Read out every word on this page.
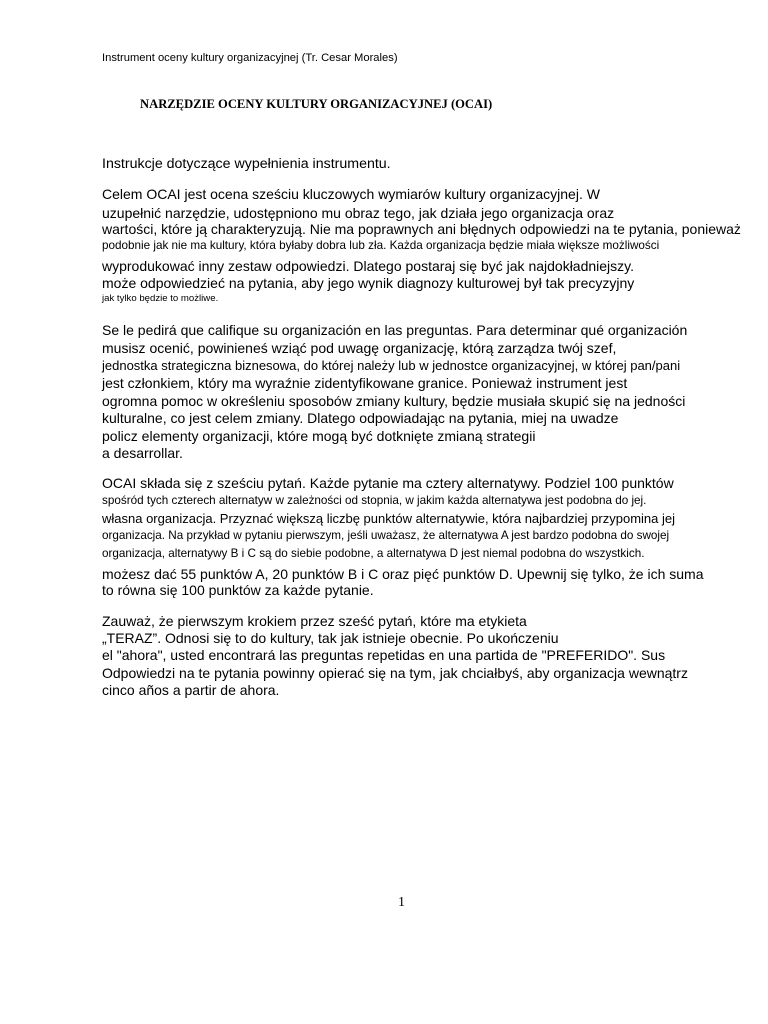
Instrument oceny kultury organizacyjnej (Tr. Cesar Morales)
NARZĘDZIE OCENY KULTURY ORGANIZACYJNEJ (OCAI)
Instrukcje dotyczące wypełnienia instrumentu.
Celem OCAI jest ocena sześciu kluczowych wymiarów kultury organizacyjnej. W
uzupełnić narzędzie, udostępniono mu obraz tego, jak działa jego organizacja oraz
wartości, które ją charakteryzują. Nie ma poprawnych ani błędnych odpowiedzi na te pytania, ponieważ
podobnie jak nie ma kultury, która byłaby dobra lub zła. Każda organizacja będzie miała większe możliwości
wyprodukować inny zestaw odpowiedzi. Dlatego postaraj się być jak najdokładniejszy.
może odpowiedzieć na pytania, aby jego wynik diagnozy kulturowej był tak precyzyjny
jak tylko będzie to możliwe.
Se le pedirá que califique su organización en las preguntas. Para determinar qué organización
musisz ocenić, powinieneś wziąć pod uwagę organizację, którą zarządza twój szef,
jednostka strategiczna biznesowa, do której należy lub w jednostce organizacyjnej, w której pan/pani
jest członkiem, który ma wyraźnie zidentyfikowane granice. Ponieważ instrument jest
ogromna pomoc w określeniu sposobów zmiany kultury, będzie musiała skupić się na jedności
kulturalne, co jest celem zmiany. Dlatego odpowiadając na pytania, miej na uwadze
policz elementy organizacji, które mogą być dotknięte zmianą strategii
a desarrollar.
OCAI składa się z sześciu pytań. Każde pytanie ma cztery alternatywy. Podziel 100 punktów
spośród tych czterech alternatyw w zależności od stopnia, w jakim każda alternatywa jest podobna do jej.
własna organizacja. Przyznać większą liczbę punktów alternatywie, która najbardziej przypomina jej
organizacja. Na przykład w pytaniu pierwszym, jeśli uważasz, że alternatywa A jest bardzo podobna do swojej
organizacja, alternatywy B i C są do siebie podobne, a alternatywa D jest niemal podobna do wszystkich.
możesz dać 55 punktów A, 20 punktów B i C oraz pięć punktów D. Upewnij się tylko, że ich suma
to równa się 100 punktów za każde pytanie.
Zauważ, że pierwszym krokiem przez sześć pytań, które ma etykieta
„TERAZ”. Odnosi się to do kultury, tak jak istnieje obecnie. Po ukończeniu
el "ahora", usted encontrará las preguntas repetidas en una partida de "PREFERIDO". Sus
Odpowiedzi na te pytania powinny opierać się na tym, jak chciałbyś, aby organizacja wewnątrz
cinco años a partir de ahora.
1
